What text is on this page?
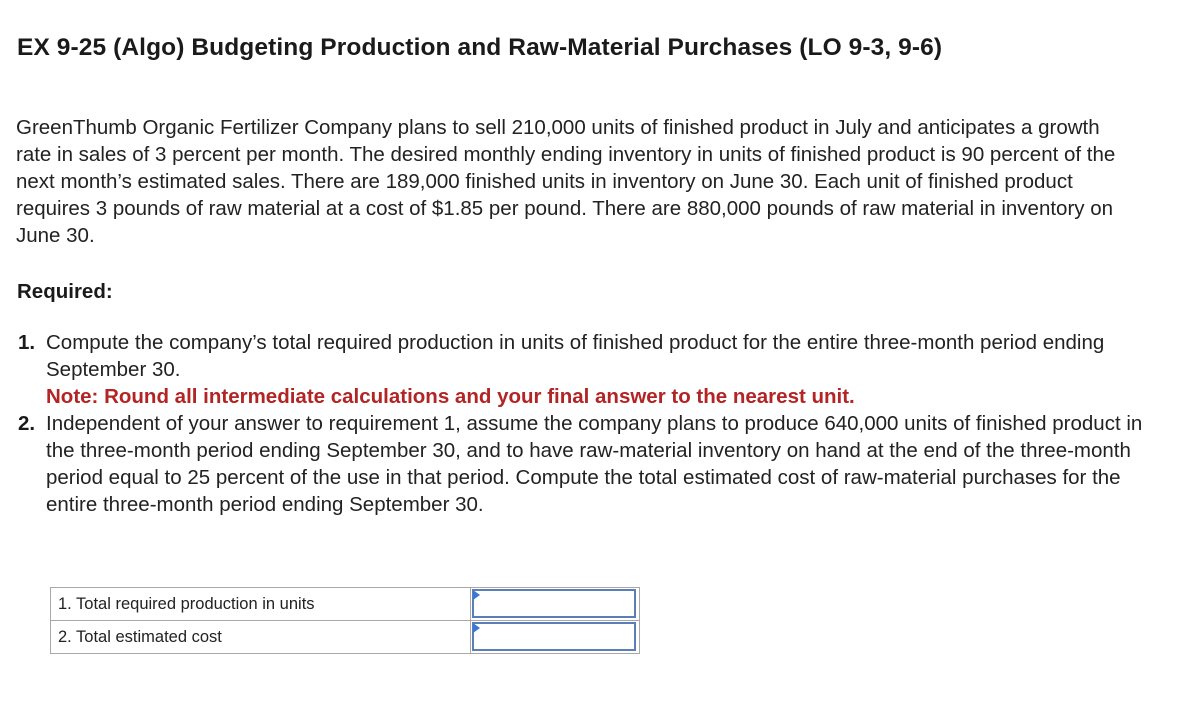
EX 9-25 (Algo) Budgeting Production and Raw-Material Purchases (LO 9-3, 9-6)
GreenThumb Organic Fertilizer Company plans to sell 210,000 units of finished product in July and anticipates a growth rate in sales of 3 percent per month. The desired monthly ending inventory in units of finished product is 90 percent of the next month’s estimated sales. There are 189,000 finished units in inventory on June 30. Each unit of finished product requires 3 pounds of raw material at a cost of $1.85 per pound. There are 880,000 pounds of raw material in inventory on June 30.
Required:
1. Compute the company’s total required production in units of finished product for the entire three-month period ending September 30.
Note: Round all intermediate calculations and your final answer to the nearest unit.
2. Independent of your answer to requirement 1, assume the company plans to produce 640,000 units of finished product in the three-month period ending September 30, and to have raw-material inventory on hand at the end of the three-month period equal to 25 percent of the use in that period. Compute the total estimated cost of raw-material purchases for the entire three-month period ending September 30.
1. Total required production in units	

2. Total estimated cost	
